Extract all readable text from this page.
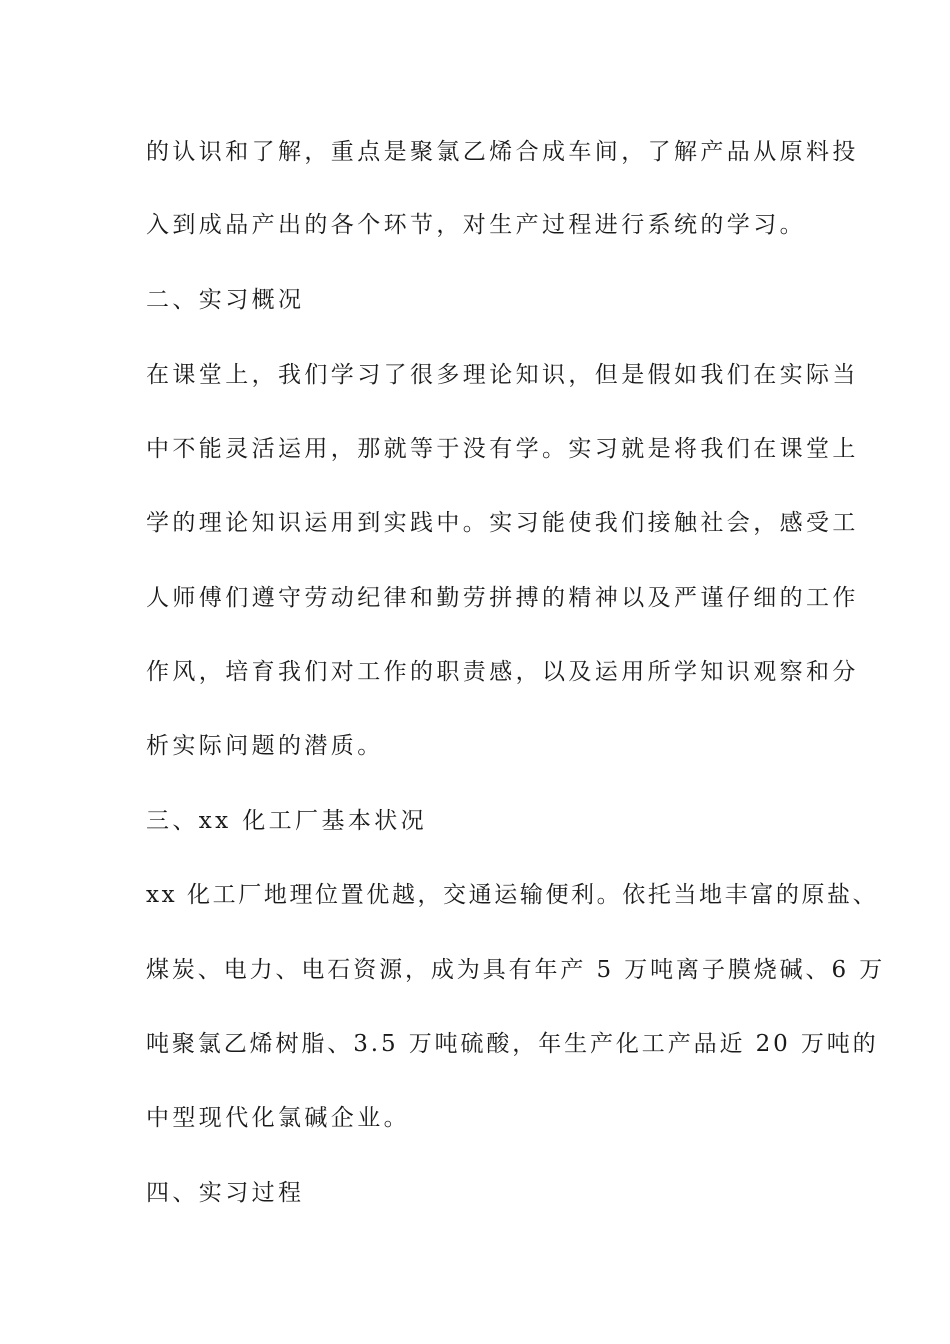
的认识和了解，重点是聚氯乙烯合成车间，了解产品从原料投
入到成品产出的各个环节，对生产过程进行系统的学习。
二、实习概况
在课堂上，我们学习了很多理论知识，但是假如我们在实际当
中不能灵活运用，那就等于没有学。实习就是将我们在课堂上
学的理论知识运用到实践中。实习能使我们接触社会，感受工
人师傅们遵守劳动纪律和勤劳拼搏的精神以及严谨仔细的工作
作风，培育我们对工作的职责感，以及运用所学知识观察和分
析实际问题的潜质。
三、xx 化工厂基本状况
xx 化工厂地理位置优越，交通运输便利。依托当地丰富的原盐、
煤炭、电力、电石资源，成为具有年产 5 万吨离子膜烧碱、6 万
吨聚氯乙烯树脂、3.5 万吨硫酸，年生产化工产品近 20 万吨的
中型现代化氯碱企业。
四、实习过程
